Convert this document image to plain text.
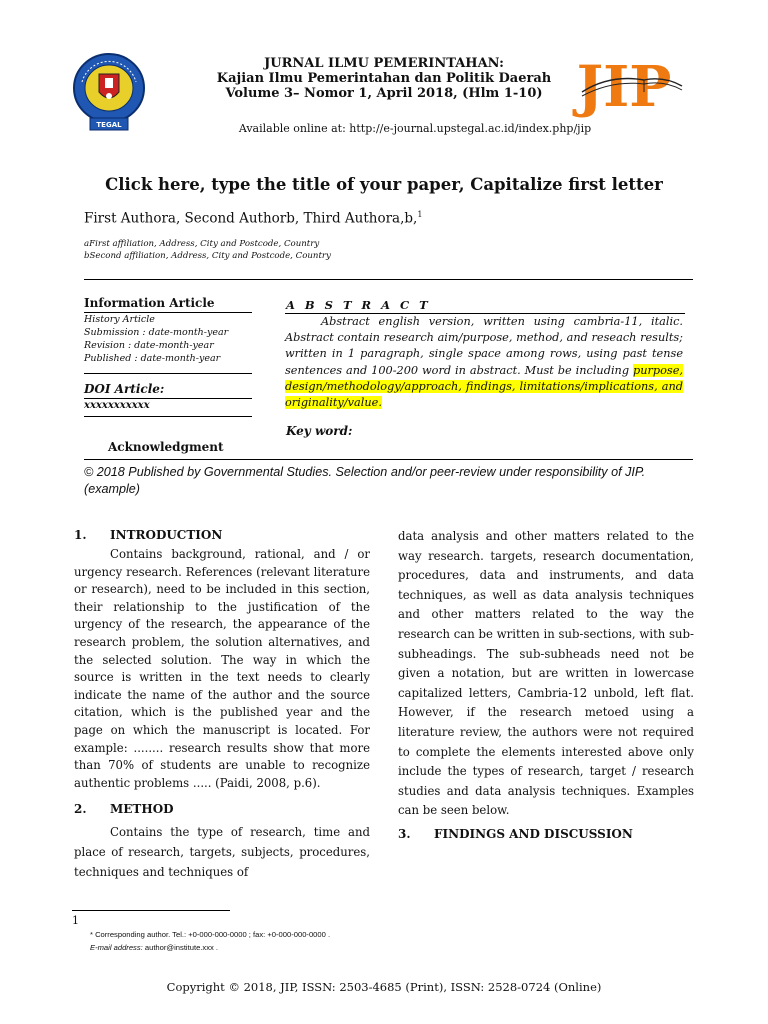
TEGAL
JIP
JURNAL ILMU PEMERINTAHAN:
Kajian Ilmu Pemerintahan dan Politik Daerah
Volume 3– Nomor 1, April 2018, (Hlm 1-10)
Available online at: http://e-journal.upstegal.ac.id/index.php/jip
Click here, type the title of your paper, Capitalize first letter
First Authora, Second Authorb, Third Authora,b,$^1$
aFirst affiliation, Address, City and Postcode, Country
bSecond affiliation, Address, City and Postcode, Country
Information Article
History Article
Submission : date-month-year
Revision : date-month-year
Published : date-month-year
DOI Article:
xxxxxxxxxxx
Acknowledgment
A B S T R A C T
Abstract english version, written using cambria-11, italic. Abstract contain research aim/purpose, method, and reseach results; written in 1 paragraph, single space among rows, using past tense sentences and 100-200 word in abstract. Must be including purpose, design/methodology/approach, findings, limitations/implications, and originality/value.
Key word:
© 2018 Published by Governmental Studies. Selection and/or peer-review under responsibility of JIP.(example)
1. INTRODUCTION
Contains background, rational, and / or urgency research. References (relevant literature or research), need to be included in this section, their relationship to the justification of the urgency of the research, the appearance of the research problem, the solution alternatives, and the selected solution. The way in which the source is written in the text needs to clearly indicate the name of the author and the source citation, which is the published year and the page on which the manuscript is located. For example: ........ research results show that more than 70% of students are unable to recognize authentic problems ..... (Paidi, 2008, p.6).
2. METHOD
Contains the type of research, time and place of research, targets, subjects, procedures, techniques and techniques of
data analysis and other matters related to the way research. targets, research documentation, procedures, data and instruments, and data techniques, as well as data analysis techniques and other matters related to the way the research can be written in sub-sections, with sub-subheadings. The sub-subheads need not be given a notation, but are written in lowercase capitalized letters, Cambria-12 unbold, left flat. However, if the research metoed using a literature review, the authors were not required to complete the elements interested above only include the types of research, target / research studies and data analysis techniques. Examples can be seen below.
3. FINDINGS AND DISCUSSION
1
* Corresponding author. Tel.: +0-000-000-0000 ; fax: +0-000-000-0000 .
E-mail address: author@institute.xxx .
Copyright © 2018, JIP, ISSN: 2503-4685 (Print), ISSN: 2528-0724 (Online)
